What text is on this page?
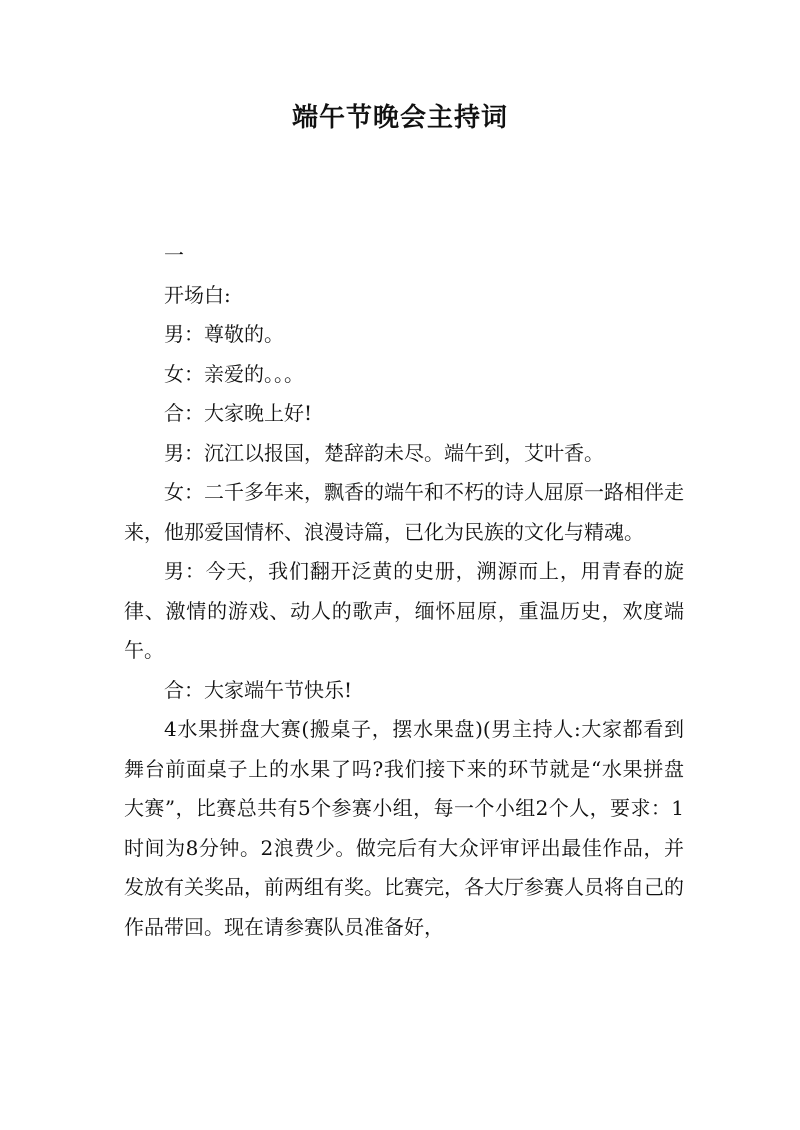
端午节晚会主持词

一

开场白:

男：尊敬的。

女：亲爱的。。。

合：大家晚上好!

男：沉江以报国，楚辞韵未尽。端午到，艾叶香。

女：二千多年来，飘香的端午和不朽的诗人屈原一路相伴走来，他那爱国情杯、浪漫诗篇，已化为民族的文化与精魂。

男：今天，我们翻开泛黄的史册，溯源而上，用青春的旋律、激情的游戏、动人的歌声，缅怀屈原，重温历史，欢度端午。

合：大家端午节快乐!

4水果拼盘大赛(搬桌子，摆水果盘)(男主持人:大家都看到舞台前面桌子上的水果了吗?我们接下来的环节就是“水果拼盘大赛”，比赛总共有5个参赛小组，每一个小组2个人，要求：1时间为8分钟。2浪费少。做完后有大众评审评出最佳作品，并发放有关奖品，前两组有奖。比赛完，各大厅参赛人员将自己的作品带回。现在请参赛队员准备好，
